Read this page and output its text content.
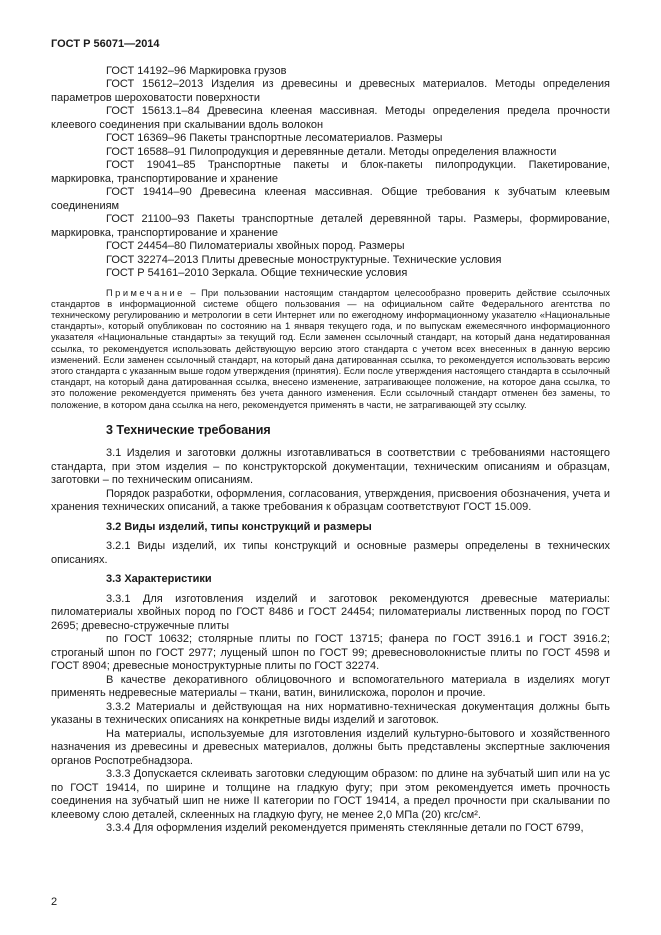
ГОСТ Р 56071—2014

ГОСТ 14192–96 Маркировка грузов

ГОСТ 15612–2013 Изделия из древесины и древесных материалов. Методы определения параметров шероховатости поверхности

ГОСТ 15613.1–84 Древесина клееная массивная. Методы определения предела прочности клеевого соединения при скалывании вдоль волокон

ГОСТ 16369–96 Пакеты транспортные лесоматериалов. Размеры

ГОСТ 16588–91 Пилопродукция и деревянные детали. Методы определения влажности

ГОСТ 19041–85 Транспортные пакеты и блок-пакеты пилопродукции. Пакетирование, маркировка, транспортирование и хранение

ГОСТ 19414–90 Древесина клееная массивная. Общие требования к зубчатым клеевым соединениям

ГОСТ 21100–93 Пакеты транспортные деталей деревянной тары. Размеры, формирование, маркировка, транспортирование и хранение

ГОСТ 24454–80 Пиломатериалы хвойных пород. Размеры

ГОСТ 32274–2013 Плиты древесные моноструктурные. Технические условия

ГОСТ Р 54161–2010 Зеркала. Общие технические условия

Примечание – При пользовании настоящим стандартом целесообразно проверить действие ссылочных стандартов в информационной системе общего пользования — на официальном сайте Федерального агентства по техническому регулированию и метрологии в сети Интернет или по ежегодному информационному указателю «Национальные стандарты», который опубликован по состоянию на 1 января текущего года, и по выпускам ежемесячного информационного указателя «Национальные стандарты» за текущий год. Если заменен ссылочный стандарт, на который дана недатированная ссылка, то рекомендуется использовать действующую версию этого стандарта с учетом всех внесенных в данную версию изменений. Если заменен ссылочный стандарт, на который дана датированная ссылка, то рекомендуется использовать версию этого стандарта с указанным выше годом утверждения (принятия). Если после утверждения настоящего стандарта в ссылочный стандарт, на который дана датированная ссылка, внесено изменение, затрагивающее положение, на которое дана ссылка, то это положение рекомендуется применять без учета данного изменения. Если ссылочный стандарт отменен без замены, то положение, в котором дана ссылка на него, рекомендуется применять в части, не затрагивающей эту ссылку.

3 Технические требования

3.1 Изделия и заготовки должны изготавливаться в соответствии с требованиями настоящего стандарта, при этом изделия – по конструкторской документации, техническим описаниям и образцам, заготовки – по техническим описаниям.

Порядок разработки, оформления, согласования, утверждения, присвоения обозначения, учета и хранения технических описаний, а также требования к образцам соответствуют ГОСТ 15.009.

3.2 Виды изделий, типы конструкций и размеры

3.2.1 Виды изделий, их типы конструкций и основные размеры определены в технических описаниях.

3.3 Характеристики

3.3.1 Для изготовления изделий и заготовок рекомендуются древесные материалы: пиломатериалы хвойных пород по ГОСТ 8486 и ГОСТ 24454; пиломатериалы лиственных пород по ГОСТ 2695; древесно-стружечные плиты

по ГОСТ 10632; столярные плиты по ГОСТ 13715; фанера по ГОСТ 3916.1 и ГОСТ 3916.2; строганый шпон по ГОСТ 2977; лущеный шпон по ГОСТ 99; древесноволокнистые плиты по ГОСТ 4598 и ГОСТ 8904; древесные моноструктурные плиты по ГОСТ 32274.

В качестве декоративного облицовочного и вспомогательного материала в изделиях могут применять недревесные материалы – ткани, ватин, винилискожа, поролон и прочие.

3.3.2 Материалы и действующая на них нормативно-техническая документация должны быть указаны в технических описаниях на конкретные виды изделий и заготовок.

На материалы, используемые для изготовления изделий культурно-бытового и хозяйственного назначения из древесины и древесных материалов, должны быть представлены экспертные заключения органов Роспотребнадзора.

3.3.3 Допускается склеивать заготовки следующим образом: по длине на зубчатый шип или на ус по ГОСТ 19414, по ширине и толщине на гладкую фугу; при этом рекомендуется иметь прочность соединения на зубчатый шип не ниже II категории по ГОСТ 19414, а предел прочности при скалывании по клеевому слою деталей, склеенных на гладкую фугу, не менее 2,0 МПа (20) кгс/см².

3.3.4 Для оформления изделий рекомендуется применять стеклянные детали по ГОСТ 6799,

2
